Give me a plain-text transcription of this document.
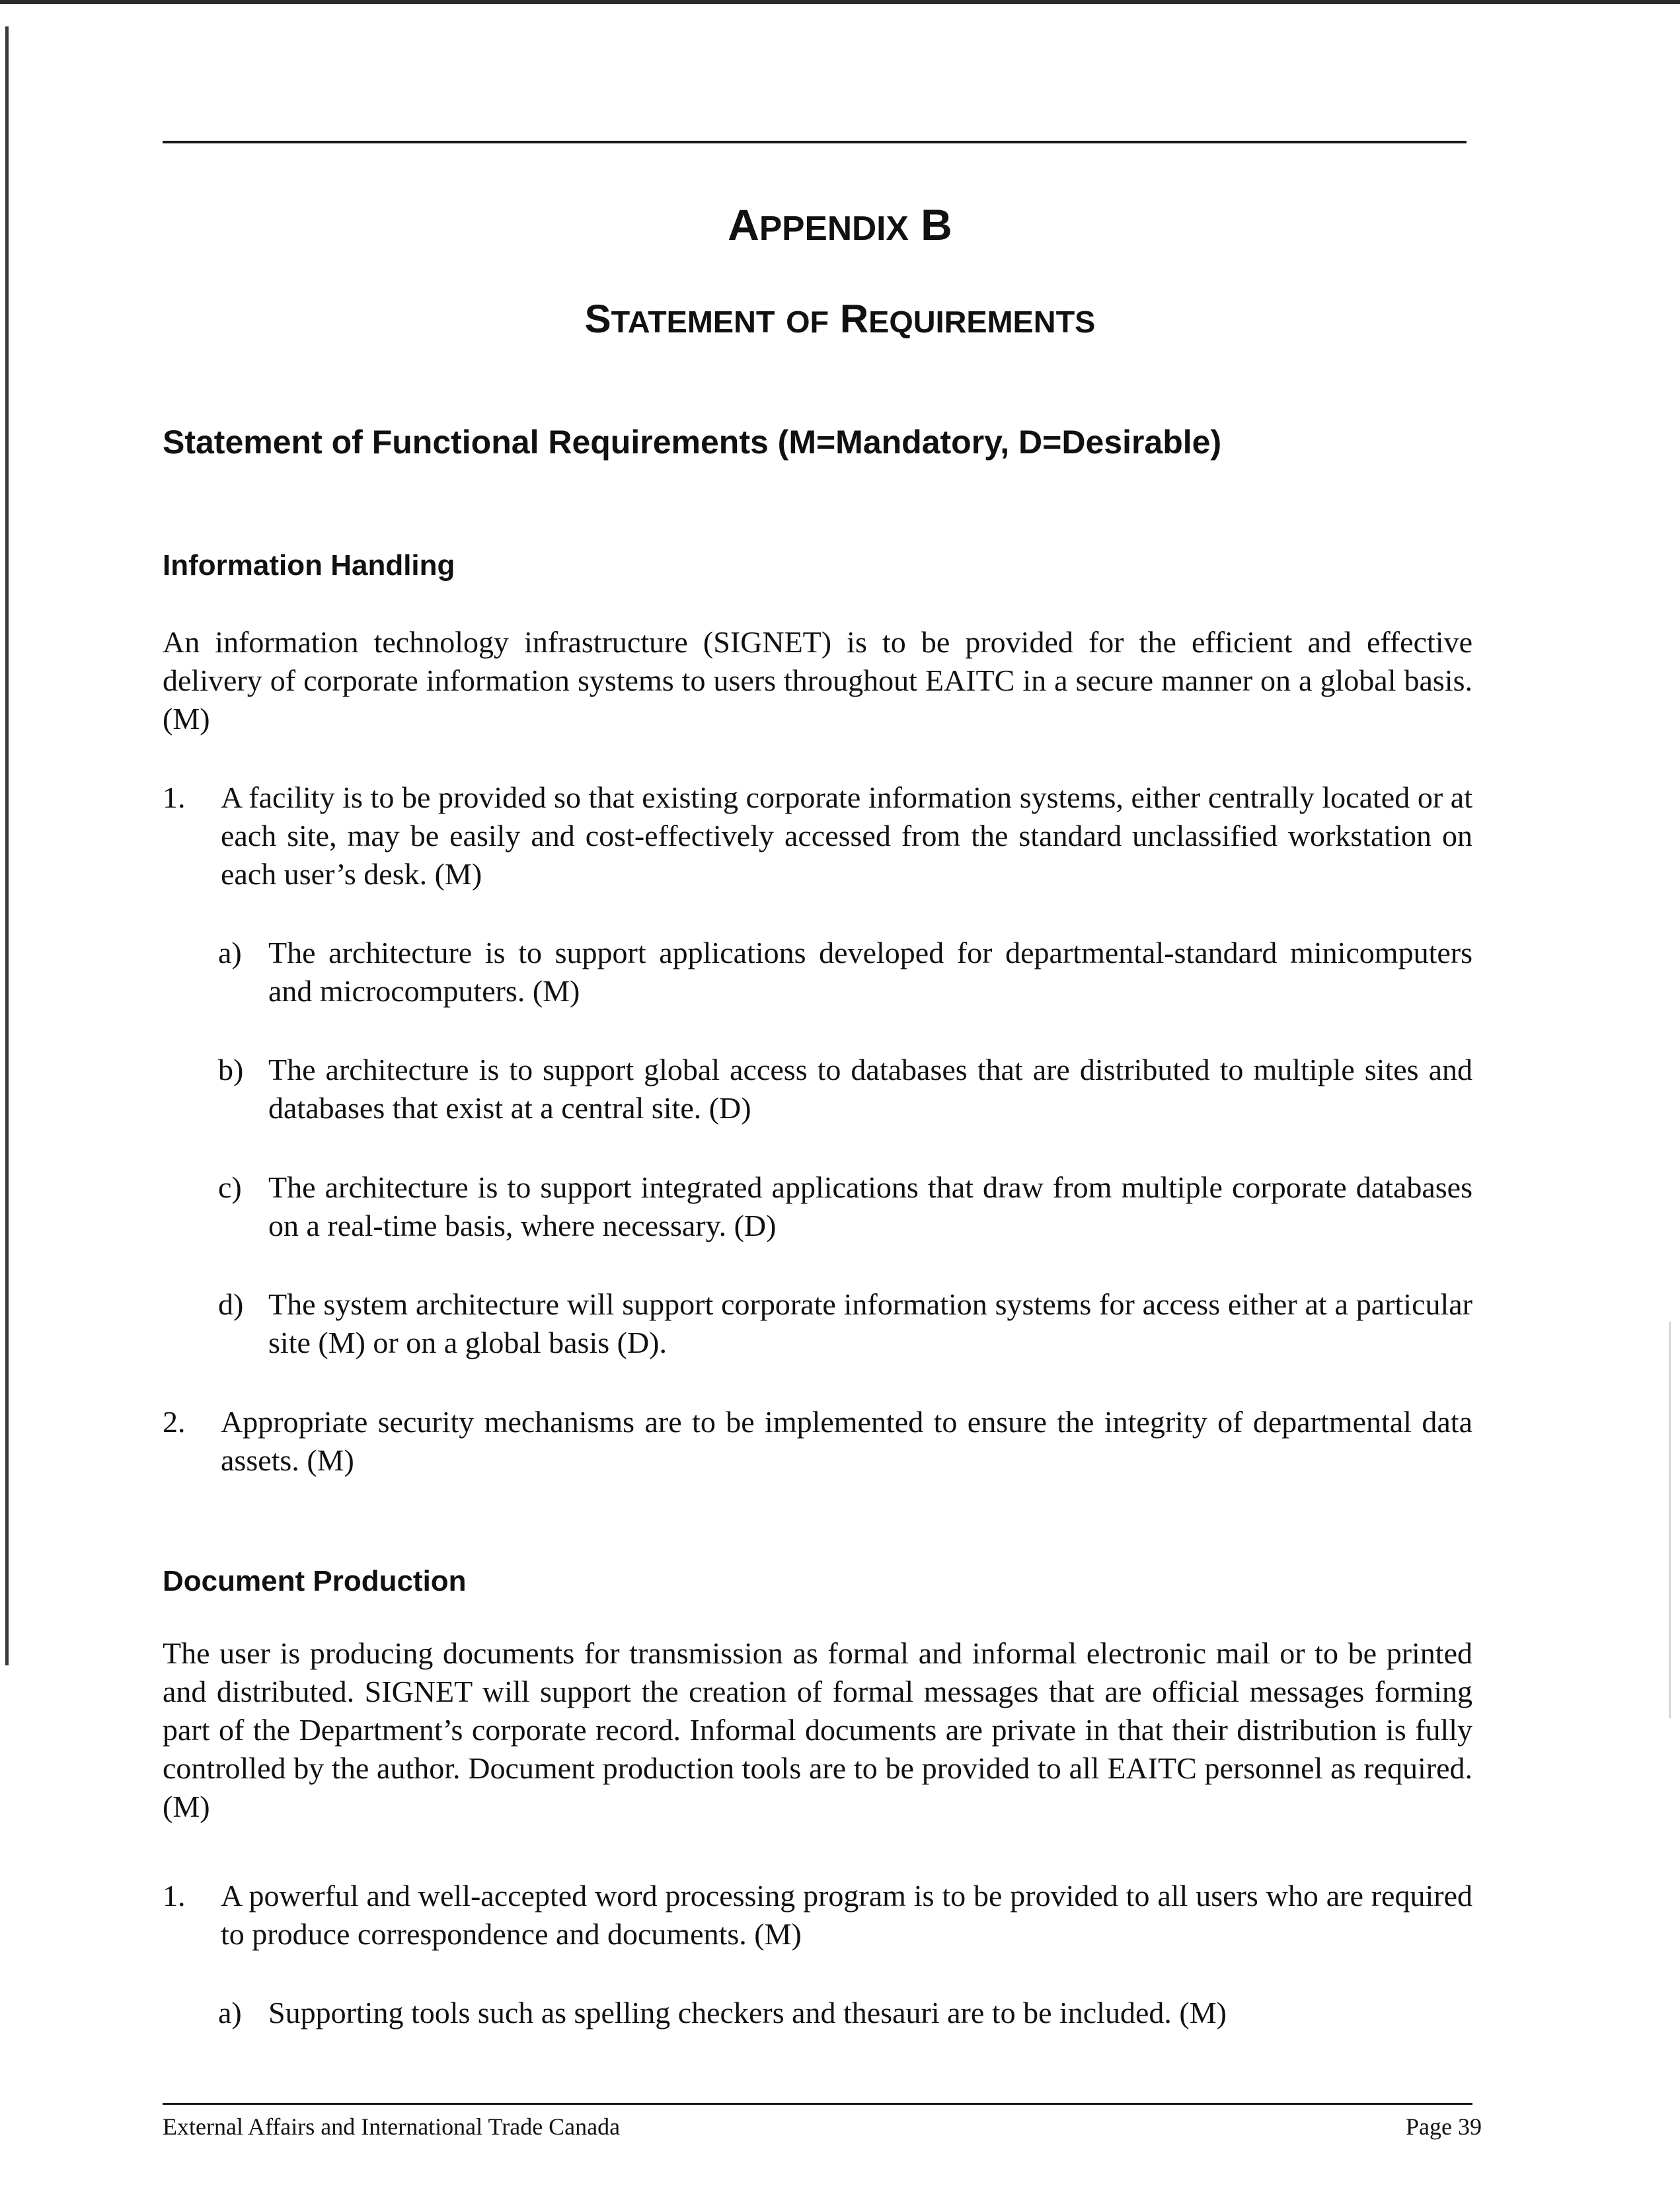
APPENDIX B
STATEMENT OF REQUIREMENTS
Statement of Functional Requirements (M=Mandatory, D=Desirable)
Information Handling

An information technology infrastructure (SIGNET) is to be provided for the efficient and effective delivery of corporate information systems to users throughout EAITC in a secure manner on a global basis. (M)

1. A facility is to be provided so that existing corporate information systems, either centrally located or at each site, may be easily and cost-effectively accessed from the standard unclassified workstation on each user’s desk. (M)

a) The architecture is to support applications developed for departmental-standard minicomputers and microcomputers. (M)

b) The architecture is to support global access to databases that are distributed to multiple sites and databases that exist at a central site. (D)

c) The architecture is to support integrated applications that draw from multiple corporate databases on a real-time basis, where necessary. (D)

d) The system architecture will support corporate information systems for access either at a particular site (M) or on a global basis (D).

2. Appropriate security mechanisms are to be implemented to ensure the integrity of departmental data assets. (M)

Document Production

The user is producing documents for transmission as formal and informal electronic mail or to be printed and distributed. SIGNET will support the creation of formal messages that are official messages forming part of the Department’s corporate record. Informal documents are private in that their distribution is fully controlled by the author. Document production tools are to be provided to all EAITC personnel as required. (M)

1. A powerful and well-accepted word processing program is to be provided to all users who are required to produce correspondence and documents. (M)

a) Supporting tools such as spelling checkers and thesauri are to be included. (M)

External Affairs and International Trade Canada	Page 39
